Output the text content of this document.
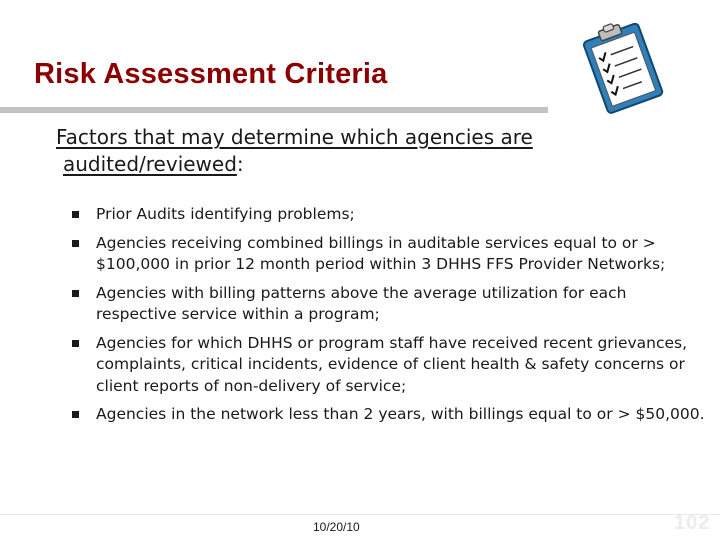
Risk Assessment Criteria
Factors that may determine which agencies are
audited/reviewed:
Prior Audits identifying problems;
Agencies receiving combined billings in auditable services equal to or > $100,000 in prior 12 month period within 3 DHHS FFS Provider Networks;
Agencies with billing patterns above the average utilization for each respective service within a program;
Agencies for which DHHS or program staff have received recent grievances, complaints, critical incidents, evidence of client health & safety concerns or client reports of non-delivery of service;
Agencies in the network less than 2 years, with billings equal to or > $50,000.
10/20/10	102
